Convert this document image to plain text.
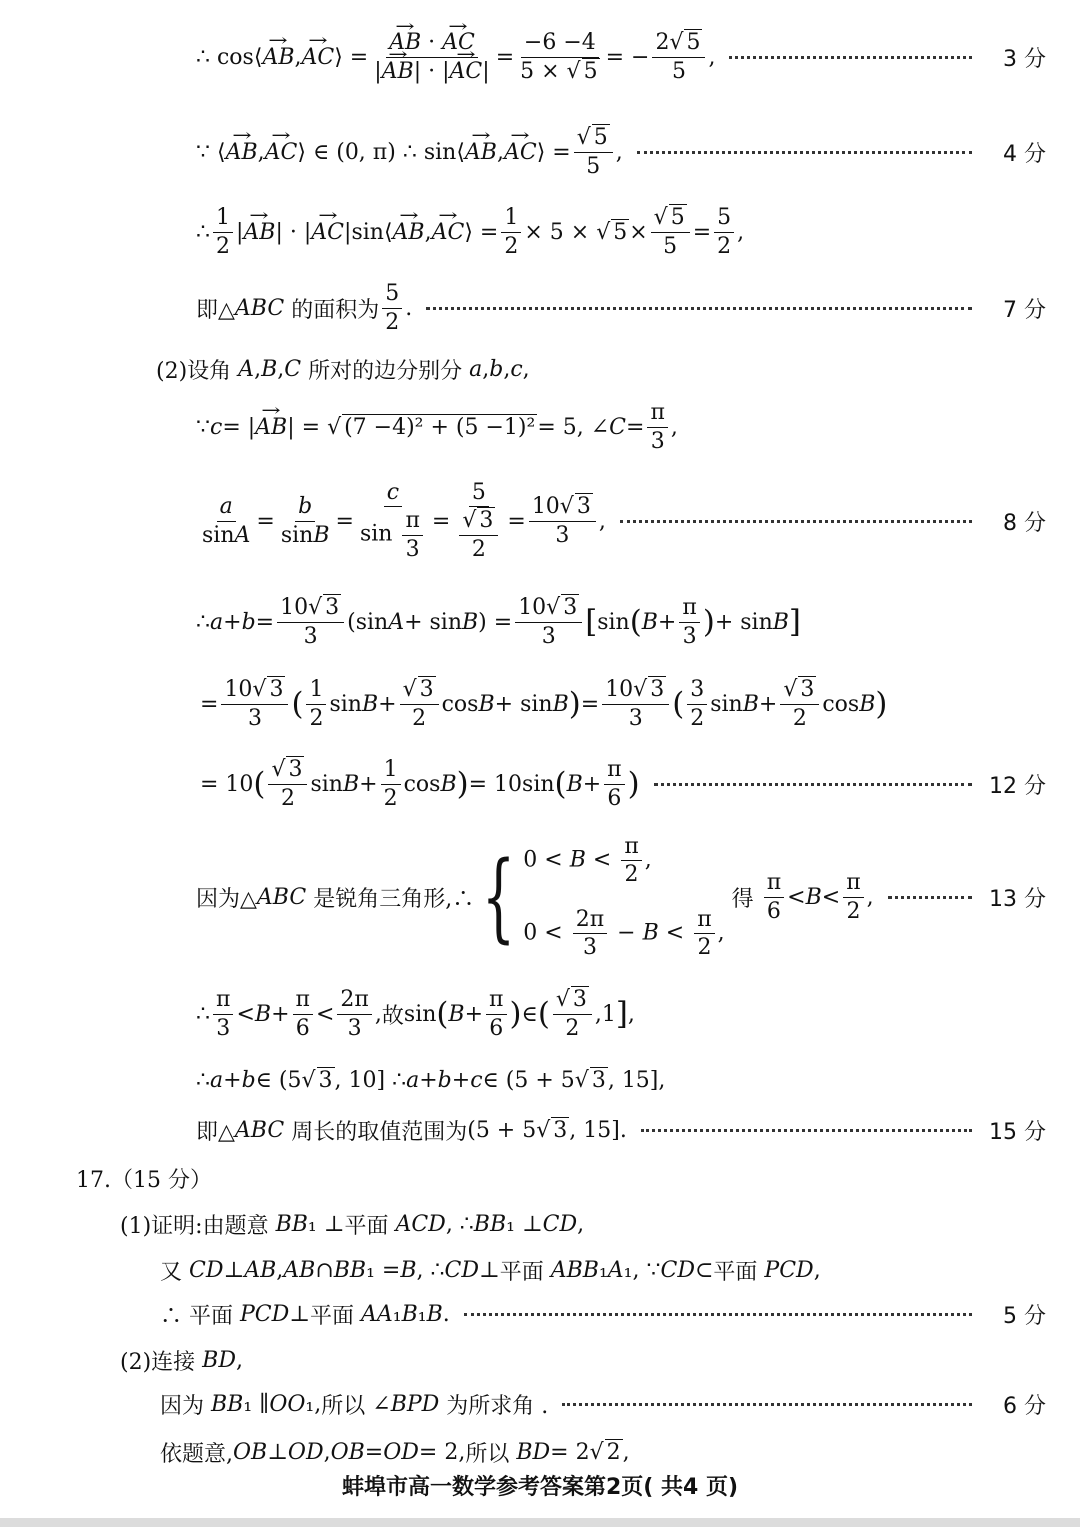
∴ cos⟨ → AB , → AC ⟩ = → $\frac{AB \cdot \to AC}{|\to AB| \cdot |\to AC|} = \frac{-6 -4}{5 \times √ 5}$ = − $\frac{2√ 5}{5}$ ,	3 分
∵ ⟨ → AB , → AC ⟩ ∈ (0, π) ∴ sin⟨ → AB , → AC ⟩ = $\frac{√ 5}{5}$ ,	4 分
∴ $\frac{1}{2}$ | → AB | · | → AC |sin⟨ → AB , → AC ⟩ = $\frac{1}{2} \times 5$ × √ $5 \times \frac{√ 5}{5} = \frac{5}{2}$ ,
即△ ABC
的面积为 $\frac{5}{2}$ .	7 分
(2)设角
A , B , C
所对的边分别分
a , b , c ,
∵ c = | → AB | = √ (7 −4)² + (5 −1)² = 5, ∠ $C = \frac{\pi}{3}$ ,
$\frac{a}{\sin A} = \frac{b}{\sin B} = \frac{c}{\sin \frac{\pi}{3}} = \frac{5}{\frac{√ 3}{2}} = \frac{10√ 3}{3}$ ,	8 分
∴ $a + b = \frac{10√ 3}{3} (\sin$ A + sin B ) = $\frac{10√ 3}{3}$ [ sin ( $B + \frac{\pi}{3}$ ) + sin B ]
= $\frac{10√ 3}{3}$ ( $\frac{1}{2}$ $\sin B + \frac{√ 3}{2}$ cos B + sin B ) = $\frac{10√ 3}{3}$ ( $\frac{3}{2}$ $\sin B + \frac{√ 3}{2}$ cos B )
= 10 ( $\frac{√ 3}{2}$ $\sin B + \frac{1}{2}$ cos B ) = 10sin ( $B + \frac{\pi}{6}$ )	12 分
因为△ ABC
是锐角三角形,∴ { $0 < B < \frac{\pi}{2}$ ,
$0 < \frac{2\pi}{3} - B < \frac{\pi}{2}$ ,

得
$\frac{\pi}{6} < B < \frac{\pi}{2}$ ,	13 分
∴ $\frac{\pi}{3} < B + \frac{\pi}{6} < \frac{2\pi}{3}$ , 故 sin ( $B + \frac{\pi}{6}$ ) ∈ ( $\frac{√ 3}{2} ,1$ ] ,
∴ a + b ∈ (5√ 3 , 10] ∴ a + b + c ∈ (5 + 5√ 3 , 15],
即△ ABC
周长的取值范围为 (5 + 5√ 3 , 15].	15 分
17.（15 分）
(1)证明:由题意
BB ₁ ⊥ 平面
ACD , ∴ BB ₁ ⊥ CD ,
又
CD ⊥ AB , AB ∩ BB ₁ = B , ∴ CD ⊥ 平面
ABB ₁ A ₁, ∵ CD ⊂ 平面
PCD ,
∴ 平面
PCD ⊥ 平面
AA ₁ B ₁ B .	5 分
(2)连接
BD ,
因为
BB ₁ ∥ OO ₁, 所以 ∠ BPD
为所求角 .	6 分
依题意, OB ⊥ OD , OB = OD = 2, 所以
BD = 2√ 2 ,
蚌埠市高一数学参考答案第2页( 共4 页)
